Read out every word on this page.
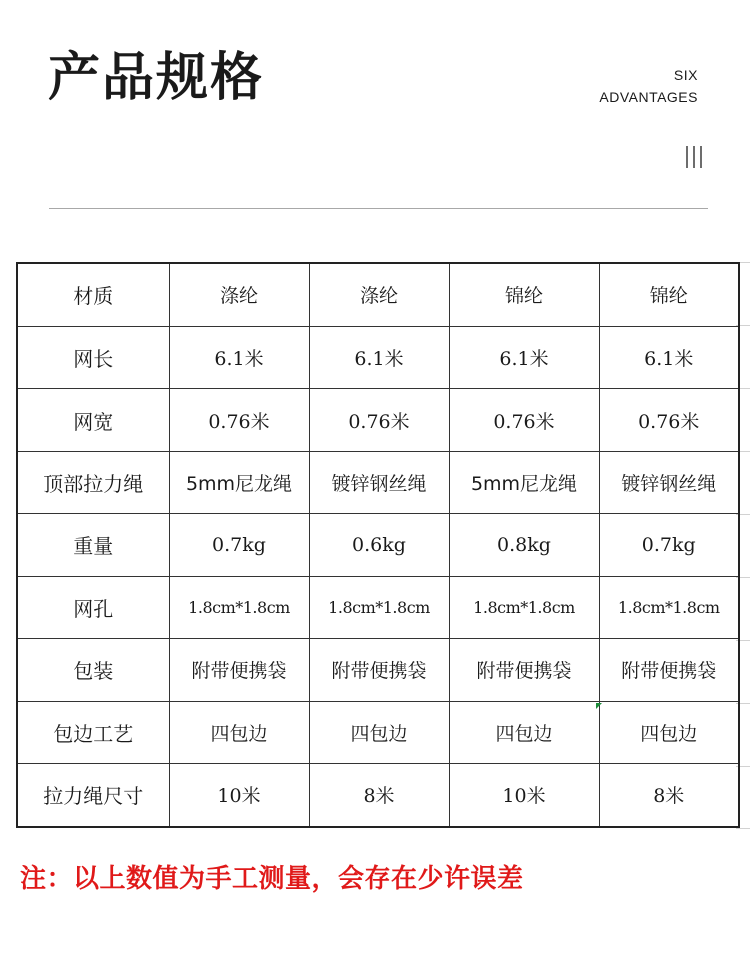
产品规格	SIX
ADVANTAGES
材质	涤纶	涤纶	锦纶	锦纶
网长	6.1米	6.1米	6.1米	6.1米
网宽	0.76米	0.76米	0.76米	0.76米
顶部拉力绳	5mm尼龙绳	镀锌钢丝绳	5mm尼龙绳	镀锌钢丝绳
重量	0.7kg	0.6kg	0.8kg	0.7kg
网孔	1.8cm*1.8cm	1.8cm*1.8cm	1.8cm*1.8cm	1.8cm*1.8cm
包装	附带便携袋	附带便携袋	附带便携袋	附带便携袋
包边工艺	四包边	四包边	四包边	四包边
拉力绳尺寸	10米	8米	10米	8米

注：以上数值为手工测量，会存在少许误差
